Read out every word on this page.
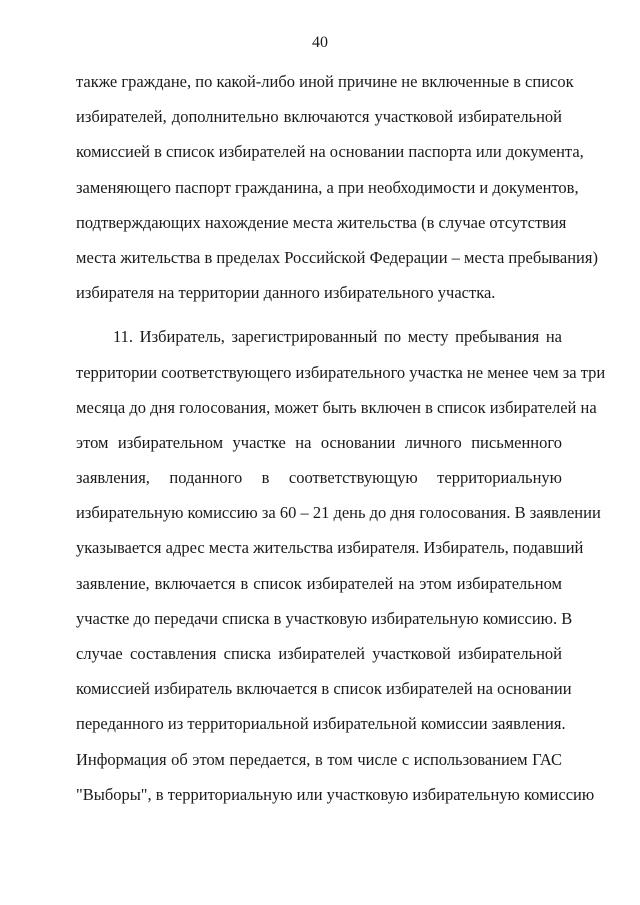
40
также граждане, по какой-либо иной причине не включенные в список
избирателей, дополнительно включаются участковой избирательной
комиссией в список избирателей на основании паспорта или документа,
заменяющего паспорт гражданина, а при необходимости и документов,
подтверждающих нахождение места жительства (в случае отсутствия
места жительства в пределах Российской Федерации – места пребывания)
избирателя на территории данного избирательного участка.
11. Избиратель, зарегистрированный по месту пребывания на
территории соответствующего избирательного участка не менее чем за три
месяца до дня голосования, может быть включен в список избирателей на
этом избирательном участке на основании личного письменного
заявления, поданного в соответствующую территориальную
избирательную комиссию за 60 – 21 день до дня голосования. В заявлении
указывается адрес места жительства избирателя. Избиратель, подавший
заявление, включается в список избирателей на этом избирательном
участке до передачи списка в участковую избирательную комиссию. В
случае составления списка избирателей участковой избирательной
комиссией избиратель включается в список избирателей на основании
переданного из территориальной избирательной комиссии заявления.
Информация об этом передается, в том числе с использованием ГАС
"Выборы", в территориальную или участковую избирательную комиссию
